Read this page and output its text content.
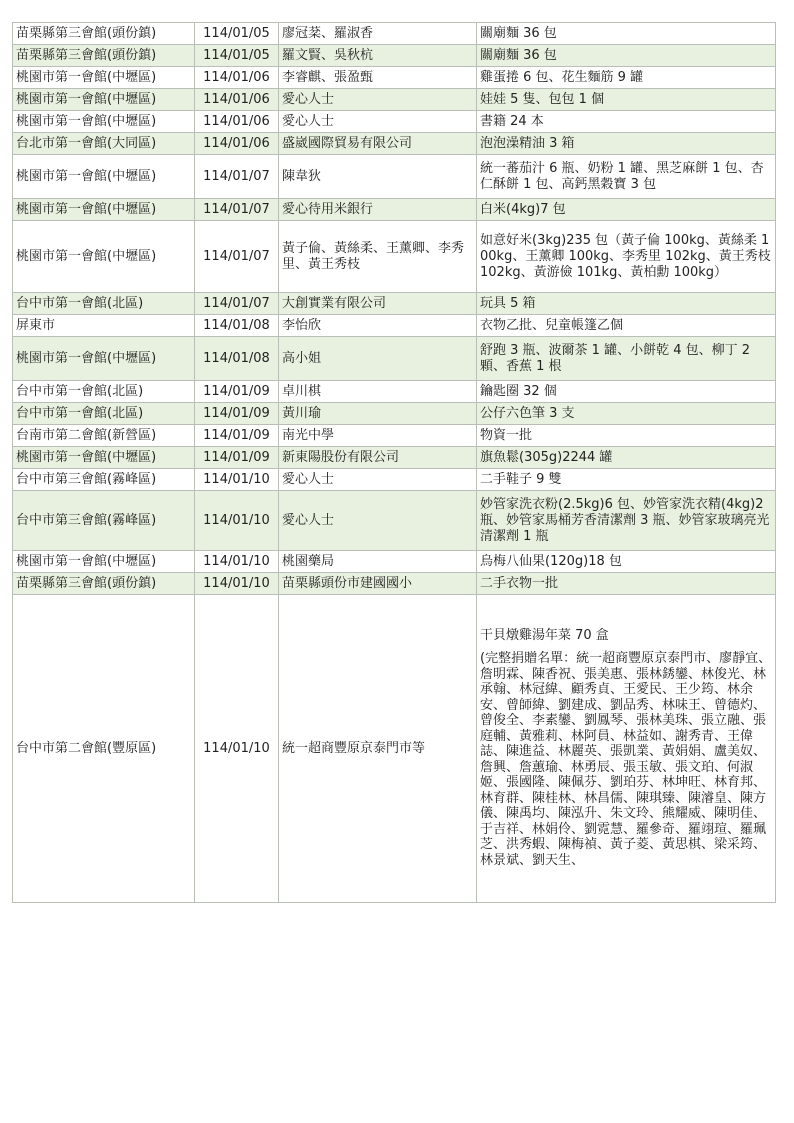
苗栗縣第三會館(頭份鎮)	114/01/05	廖冠棻、羅淑香	關廟麵 36 包

苗栗縣第三會館(頭份鎮)	114/01/05	羅文賢、吳秋杭	關廟麵 36 包

桃園市第一會館(中壢區)	114/01/06	李睿麒、張盈甄	雞蛋捲 6 包、花生麵筋 9 罐

桃園市第一會館(中壢區)	114/01/06	愛心人士	娃娃 5 隻、包包 1 個

桃園市第一會館(中壢區)	114/01/06	愛心人士	書籍 24 本

台北市第一會館(大同區)	114/01/06	盛崴國際貿易有限公司	泡泡澡精油 3 箱

桃園市第一會館(中壢區)	114/01/07	陳韋狄	統一蕃茄汁 6 瓶、奶粉 1 罐、黑芝麻餅 1 包、杏仁酥餅 1 包、高鈣黑穀寶 3 包

桃園市第一會館(中壢區)	114/01/07	愛心待用米銀行	白米(4kg)7 包

桃園市第一會館(中壢區)	114/01/07	黃子倫、黃絲柔、王薰卿、李秀里、黃王秀枝	如意好米(3kg)235 包（黃子倫 100kg、黃絲柔 100kg、王薰卿 100kg、李秀里 102kg、黃王秀枝 102kg、黃游儉 101kg、黃柏勳 100kg）

台中市第一會館(北區)	114/01/07	大創實業有限公司	玩具 5 箱

屏東市	114/01/08	李怡欣	衣物乙批、兒童帳篷乙個

桃園市第一會館(中壢區)	114/01/08	高小姐	舒跑 3 瓶、波爾茶 1 罐、小餅乾 4 包、柳丁 2 顆、香蕉 1 根

台中市第一會館(北區)	114/01/09	卓川棋	鑰匙圈 32 個

台中市第一會館(北區)	114/01/09	黃川瑜	公仔六色筆 3 支

台南市第二會館(新營區)	114/01/09	南光中學	物資一批

桃園市第一會館(中壢區)	114/01/09	新東陽股份有限公司	旗魚鬆(305g)2244 罐

台中市第三會館(霧峰區)	114/01/10	愛心人士	二手鞋子 9 雙

台中市第三會館(霧峰區)	114/01/10	愛心人士	妙管家洗衣粉(2.5kg)6 包、妙管家洗衣精(4kg)2 瓶、妙管家馬桶芳香清潔劑 3 瓶、妙管家玻璃亮光清潔劑 1 瓶

桃園市第一會館(中壢區)	114/01/10	桃園藥局	烏梅八仙果(120g)18 包

苗栗縣第三會館(頭份鎮)	114/01/10	苗栗縣頭份市建國國小	二手衣物一批

台中市第二會館(豐原區)	114/01/10	統一超商豐原京泰門市等	干貝燉雞湯年菜 70 盒
(完整捐贈名單：統一超商豐原京泰門市、廖靜宜、詹明霖、陳香祝、張美惠、張林銹鑾、林俊光、林承翰、林冠緯、顧秀貞、王愛民、王少筠、林余安、曾師緯、劉建成、劉品秀、林味王、曾德灼、曾俊全、李素鑾、劉鳳琴、張林美珠、張立融、張庭輔、黃雅莉、林阿員、林益如、謝秀青、王偉誌、陳進益、林麗英、張凱業、黃娟娟、盧美奴、詹興、詹蕙瑜、林勇辰、張玉敏、張文珀、何淑姬、張國隆、陳佩芬、劉珀芬、林坤旺、林育邦、林育群、陳桂林、林昌儒、陳琪臻、陳濬皇、陳方儀、陳禹均、陳泓升、朱文玲、熊耀威、陳明佳、于吉祥、林娟伶、劉霓慧、羅參奇、羅翊瑄、羅珮芝、洪秀蝦、陳梅禎、黃子菱、黃思棋、梁采筠、林景斌、劉天生、
